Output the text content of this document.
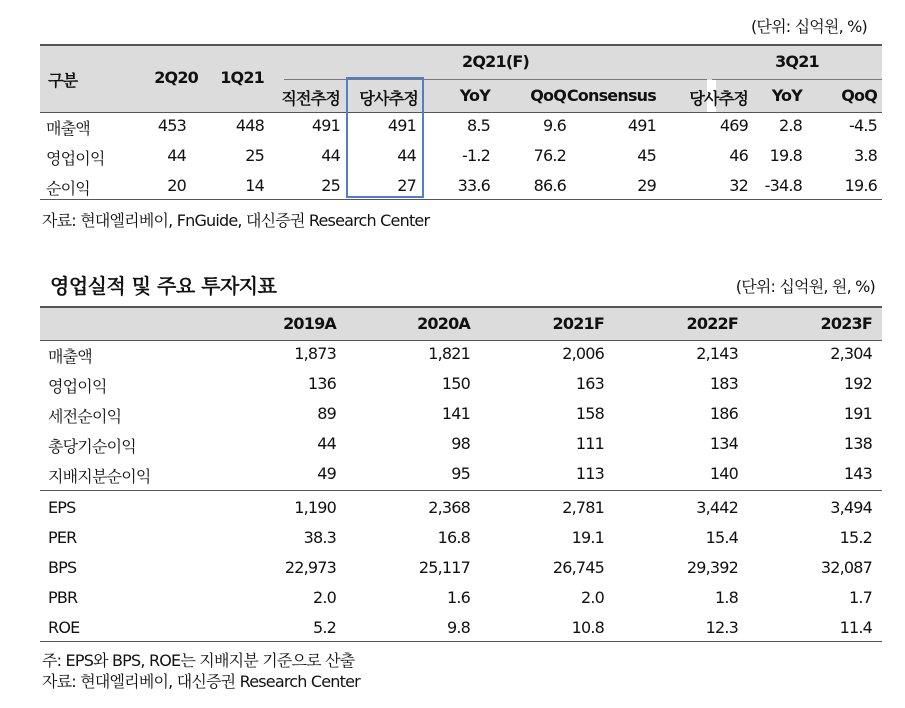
(단위: 십억원, %)
구분	2Q20	1Q21
2Q21(F)	3Q21
직전추정	당사추정	YoY	QoQ Consensus	당사추정	YoY	QoQ
매출액	453	448	491	491	8.5	9.6	491	469	2.8	-4.5
영업이익	44	25	44	44	-1.2	76.2	45	46	19.8	3.8
순이익	20	14	25	27	33.6	86.6	29	32	-34.8	19.6
자료: 현대엘리베이, FnGuide, 대신증권 Research Center
영업실적 및 주요 투자지표	(단위: 십억원, 원, %)
2019A	2020A	2021F	2022F	2023F
매출액	1,873	1,821	2,006	2,143	2,304
영업이익	136	150	163	183	192
세전순이익	89	141	158	186	191
총당기순이익	44	98	111	134	138
지배지분순이익	49	95	113	140	143
EPS	1,190	2,368	2,781	3,442	3,494
PER	38.3	16.8	19.1	15.4	15.2
BPS	22,973	25,117	26,745	29,392	32,087
PBR	2.0	1.6	2.0	1.8	1.7
ROE	5.2	9.8	10.8	12.3	11.4
주: EPS와 BPS, ROE는 지배지분 기준으로 산출
자료: 현대엘리베이, 대신증권 Research Center
